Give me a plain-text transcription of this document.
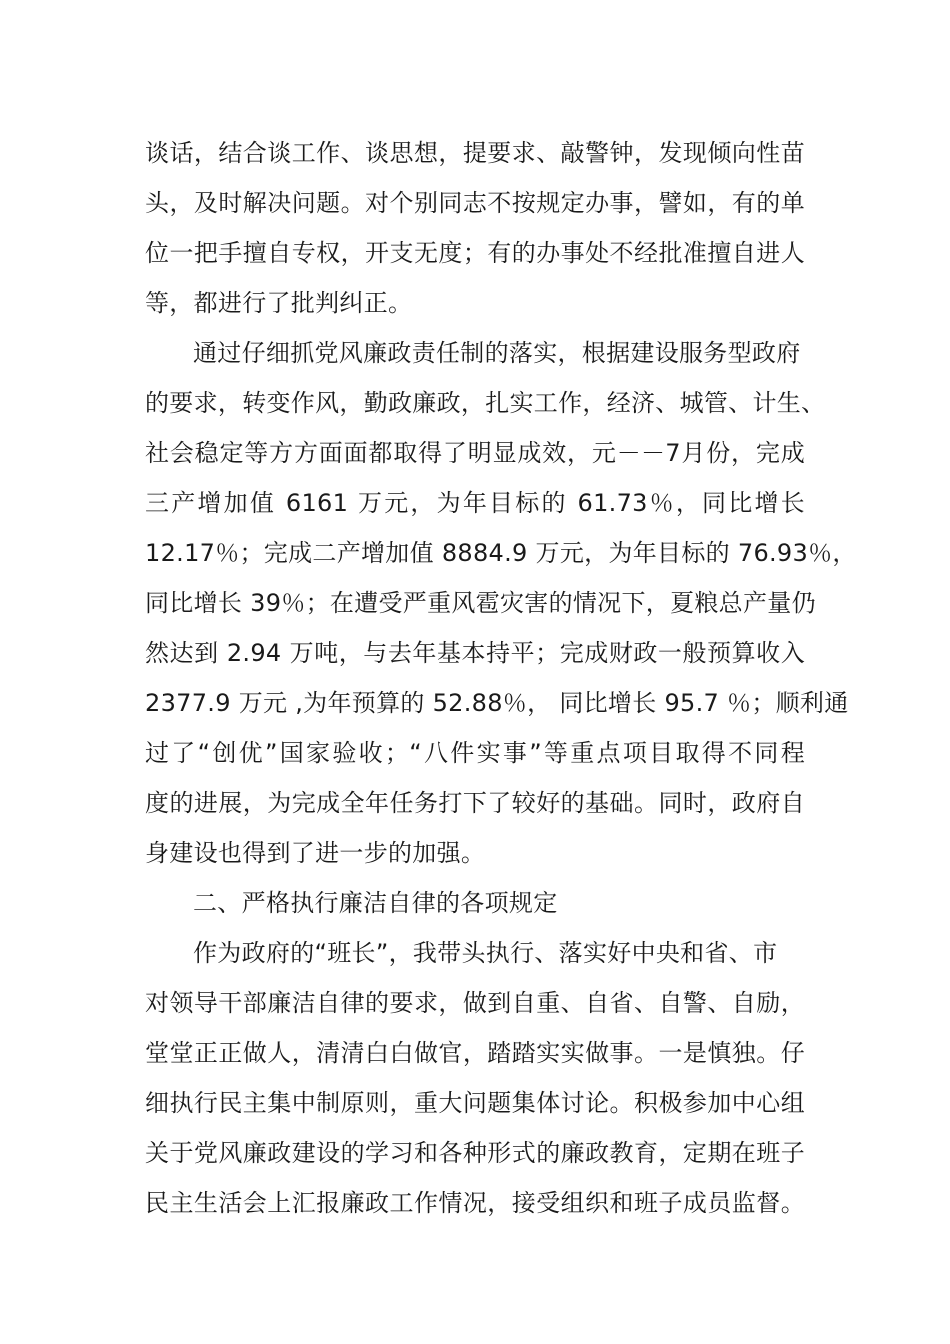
谈话，结合谈工作、谈思想，提要求、敲警钟，发现倾向性苗
头，及时解决问题。对个别同志不按规定办事，譬如，有的单
位一把手擅自专权，开支无度；有的办事处不经批准擅自进人
等，都进行了批判纠正。
通过仔细抓党风廉政责任制的落实，根据建设服务型政府
的要求，转变作风，勤政廉政，扎实工作，经济、城管、计生、
社会稳定等方方面面都取得了明显成效，元－－7月份，完成
三产增加值 6161 万元，为年目标的 61.73％，同比增长
12.17％；完成二产增加值 8884.9 万元，为年目标的 76.93％，
同比增长 39％；在遭受严重风雹灾害的情况下，夏粮总产量仍
然达到 2.94 万吨，与去年基本持平；完成财政一般预算收入
2377.9 万元 ,为年预算的 52.88％， 同比增长 95.7 ％；顺利通
过了“创优”国家验收；“八件实事”等重点项目取得不同程
度的进展，为完成全年任务打下了较好的基础。同时，政府自
身建设也得到了进一步的加强。
二、严格执行廉洁自律的各项规定
作为政府的“班长”，我带头执行、落实好中央和省、市
对领导干部廉洁自律的要求，做到自重、自省、自警、自励，
堂堂正正做人，清清白白做官，踏踏实实做事。一是慎独。仔
细执行民主集中制原则，重大问题集体讨论。积极参加中心组
关于党风廉政建设的学习和各种形式的廉政教育，定期在班子
民主生活会上汇报廉政工作情况，接受组织和班子成员监督。
